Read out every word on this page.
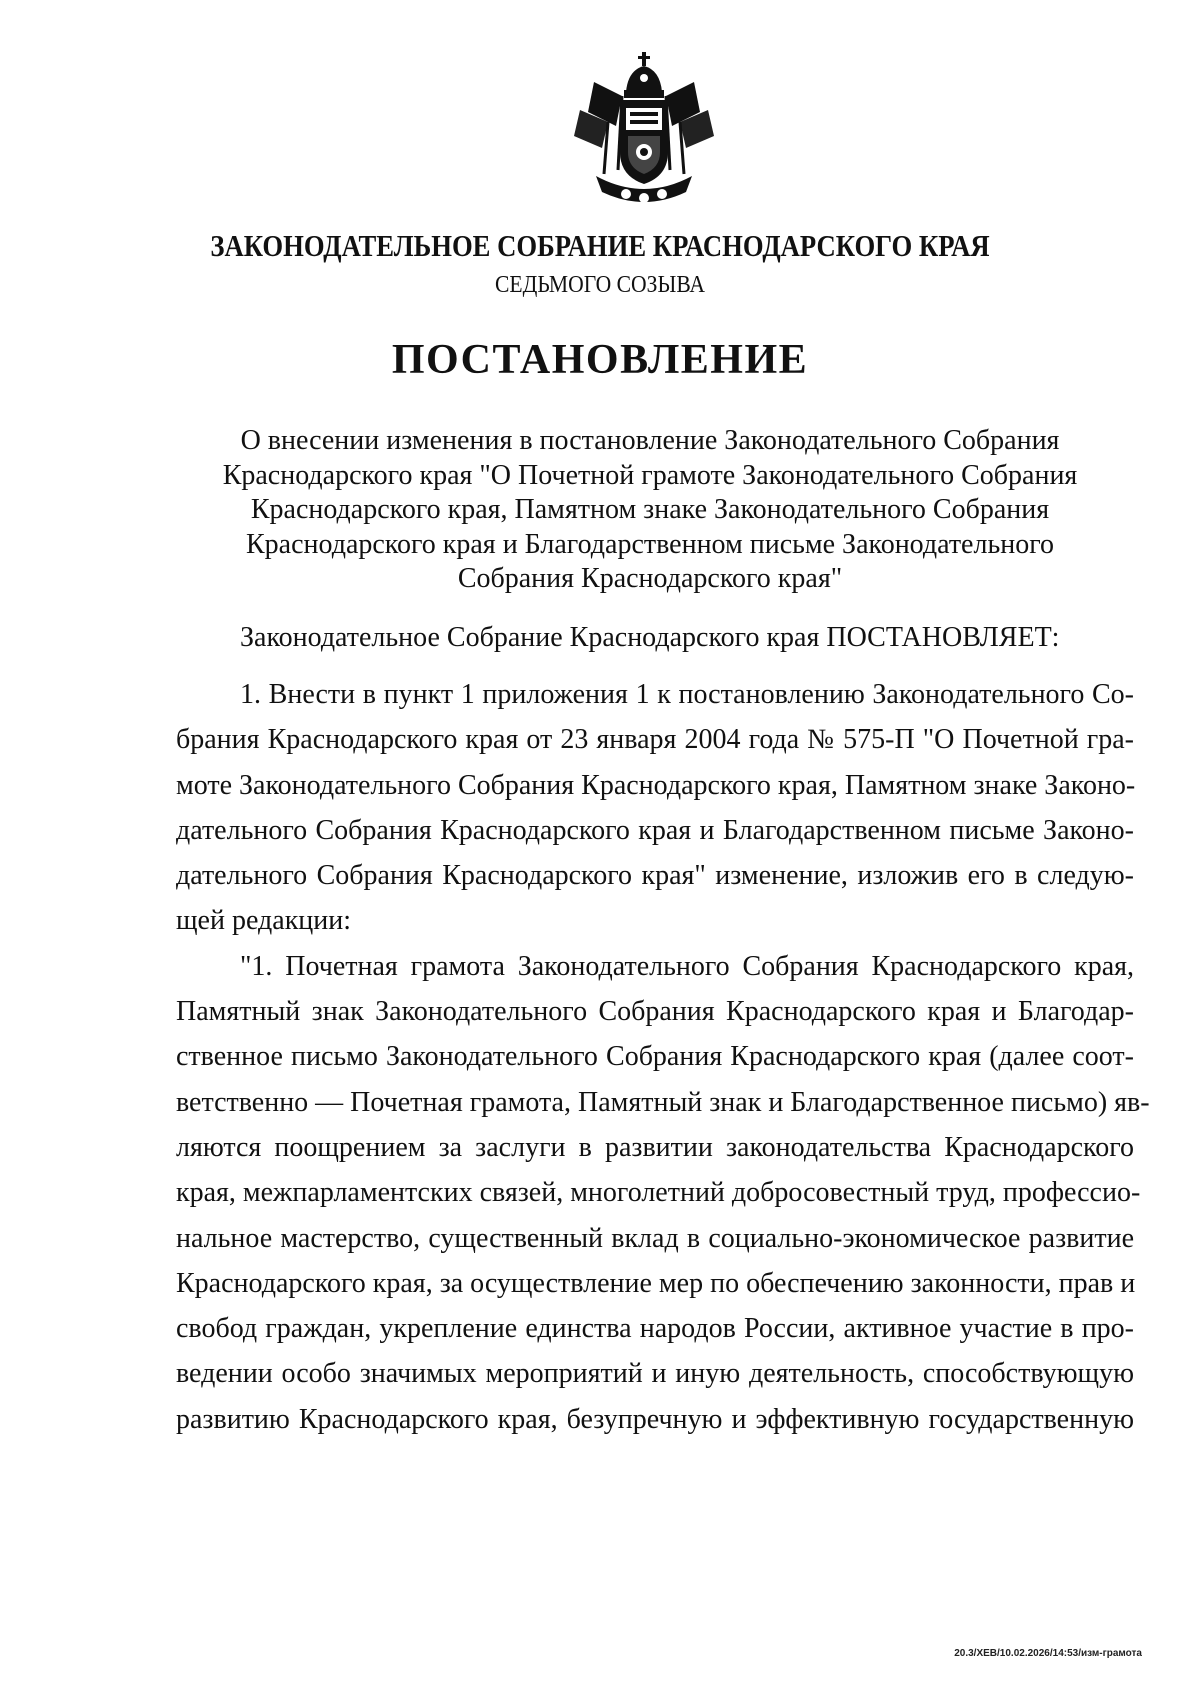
ЗАКОНОДАТЕЛЬНОЕ СОБРАНИЕ КРАСНОДАРСКОГО КРАЯ
СЕДЬМОГО СОЗЫВА
ПОСТАНОВЛЕНИЕ
О внесении изменения в постановление Законодательного Собрания
Краснодарского края "О Почетной грамоте Законодательного Собрания
Краснодарского края, Памятном знаке Законодательного Собрания
Краснодарского края и Благодарственном письме Законодательного
Собрания Краснодарского края"
Законодательное Собрание Краснодарского края ПОСТАНОВЛЯЕТ:
1. Внести в пункт 1 приложения 1 к постановлению Законодательного Со-
брания Краснодарского края от 23 января 2004 года № 575-П "О Почетной гра-
моте Законодательного Собрания Краснодарского края, Памятном знаке Законо-
дательного Собрания Краснодарского края и Благодарственном письме Законо-
дательного Собрания Краснодарского края" изменение, изложив его в следую-
щей редакции:
"1. Почетная грамота Законодательного Собрания Краснодарского края,
Памятный знак Законодательного Собрания Краснодарского края и Благодар-
ственное письмо Законодательного Собрания Краснодарского края (далее соот-
ветственно — Почетная грамота, Памятный знак и Благодарственное письмо) яв-
ляются поощрением за заслуги в развитии законодательства Краснодарского
края, межпарламентских связей, многолетний добросовестный труд, профессио-
нальное мастерство, существенный вклад в социально-экономическое развитие
Краснодарского края, за осуществление мер по обеспечению законности, прав и
свобод граждан, укрепление единства народов России, активное участие в про-
ведении особо значимых мероприятий и иную деятельность, способствующую
развитию Краснодарского края, безупречную и эффективную государственную
20.3/ХЕВ/10.02.2026/14:53/изм-грамота
